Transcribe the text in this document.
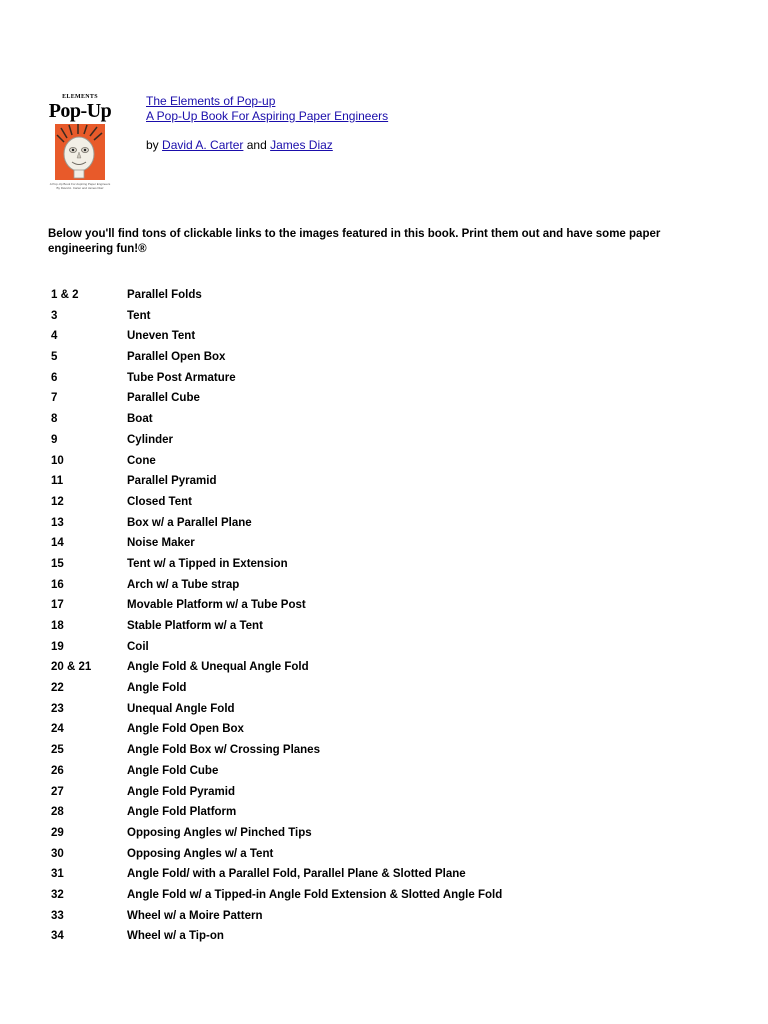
ELEMENTS
Pop-Up
A Pop-Up Book For Aspiring Paper Engineers By David A. Carter and James Diaz
The Elements of Pop-up
A Pop-Up Book For Aspiring Paper Engineers
by David A. Carter and James Diaz
Below you'll find tons of clickable links to the images featured in this book. Print them out and have some paper engineering fun!®
1 & 2	Parallel Folds
3	Tent
4	Uneven Tent
5	Parallel Open Box
6	Tube Post Armature
7	Parallel Cube
8	Boat
9	Cylinder
10	Cone
11	Parallel Pyramid
12	Closed Tent
13	Box w/ a Parallel Plane
14	Noise Maker
15	Tent w/ a Tipped in Extension
16	Arch w/ a Tube strap
17	Movable Platform w/ a Tube Post
18	Stable Platform w/ a Tent
19	Coil
20 & 21	Angle Fold & Unequal Angle Fold
22	Angle Fold
23	Unequal Angle Fold
24	Angle Fold Open Box
25	Angle Fold Box w/ Crossing Planes
26	Angle Fold Cube
27	Angle Fold Pyramid
28	Angle Fold Platform
29	Opposing Angles w/ Pinched Tips
30	Opposing Angles w/ a Tent
31	Angle Fold/ with a Parallel Fold, Parallel Plane & Slotted Plane
32	Angle Fold w/ a Tipped-in Angle Fold Extension & Slotted Angle Fold
33	Wheel w/ a Moire Pattern
34	Wheel w/ a Tip-on
